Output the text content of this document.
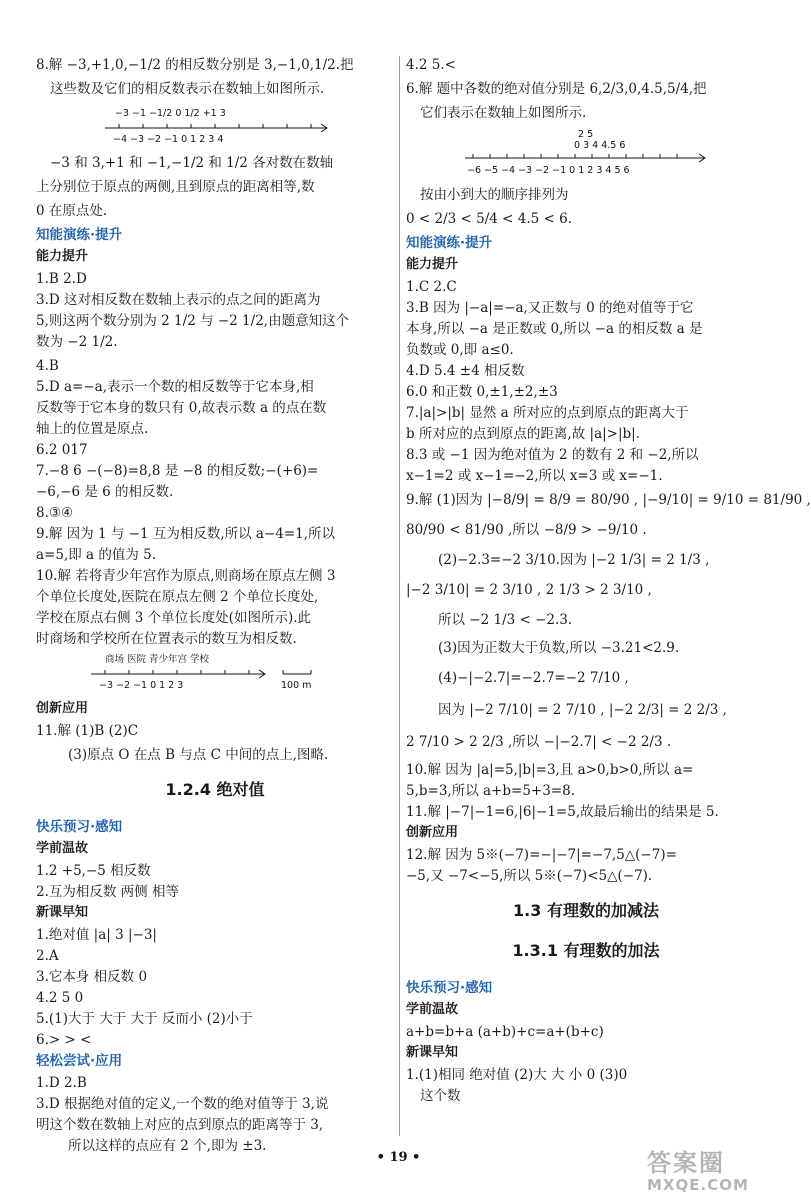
8.解 −3,+1,0,−1/2 的相反数分别是 3,−1,0,1/2.把
这些数及它们的相反数表示在数轴上如图所示.
−3 −1 −1/2 0 1/2 +1 3
−4 −3 −2 −1 0 1 2 3 4
−3 和 3,+1 和 −1,−1/2 和 1/2 各对数在数轴
上分别位于原点的两侧,且到原点的距离相等,数
0 在原点处.
知能演练·提升
能力提升
1.B 2.D
3.D 这对相反数在数轴上表示的点之间的距离为
5,则这两个数分别为 2 1/2 与 −2 1/2,由题意知这个
数为 −2 1/2.
4.B
5.D a=−a,表示一个数的相反数等于它本身,相
反数等于它本身的数只有 0,故表示数 a 的点在数
轴上的位置是原点.
6.2 017
7.−8 6 −(−8)=8,8 是 −8 的相反数;−(+6)=
−6,−6 是 6 的相反数.
8.③④
9.解 因为 1 与 −1 互为相反数,所以 a−4=1,所以
a=5,即 a 的值为 5.
10.解 若将青少年宫作为原点,则商场在原点左侧 3
个单位长度处,医院在原点左侧 2 个单位长度处,
学校在原点右侧 3 个单位长度处(如图所示).此
时商场和学校所在位置表示的数互为相反数.
商场 医院 青少年宫 学校
−3 −2 −1 0 1 2 3	100 m
创新应用
11.解 (1)B (2)C
(3)原点 O 在点 B 与点 C 中间的点上,图略.
1.2.4 绝对值
快乐预习·感知
学前温故
1.2 +5,−5 相反数
2.互为相反数 两侧 相等
新课早知
1.绝对值 |a| 3 |−3|
2.A
3.它本身 相反数 0
4.2 5 0
5.(1)大于 大于 大于 反而小 (2)小于
6.> > <
轻松尝试·应用
1.D 2.B
3.D 根据绝对值的定义,一个数的绝对值等于 3,说
明这个数在数轴上对应的点到原点的距离等于 3,
所以这样的点应有 2 个,即为 ±3.
4.2 5.<
6.解 题中各数的绝对值分别是 6,2/3,0,4.5,5/4,把
它们表示在数轴上如图所示.
2 5
0 3 4 4.5 6
−6 −5 −4 −3 −2 −1 0 1 2 3 4 5 6
按由小到大的顺序排列为
0 < 2/3 < 5/4 < 4.5 < 6.
知能演练·提升
能力提升
1.C 2.C
3.B 因为 |−a|=−a,又正数与 0 的绝对值等于它
本身,所以 −a 是正数或 0,所以 −a 的相反数 a 是
负数或 0,即 a≤0.
4.D 5.4 ±4 相反数
6.0 和正数 0,±1,±2,±3
7.|a|>|b| 显然 a 所对应的点到原点的距离大于
b 所对应的点到原点的距离,故 |a|>|b|.
8.3 或 −1 因为绝对值为 2 的数有 2 和 −2,所以
x−1=2 或 x−1=−2,所以 x=3 或 x=−1.
9.解 (1)因为 |−8/9| = 8/9 = 80/90 , |−9/10| = 9/10 = 81/90 ,
80/90 < 81/90 ,所以 −8/9 > −9/10 .
(2)−2.3=−2 3/10.因为 |−2 1/3| = 2 1/3 ,
|−2 3/10| = 2 3/10 , 2 1/3 > 2 3/10 ,
所以 −2 1/3 < −2.3.
(3)因为正数大于负数,所以 −3.21<2.9.
(4)−|−2.7|=−2.7=−2 7/10 ,
因为 |−2 7/10| = 2 7/10 , |−2 2/3| = 2 2/3 ,
2 7/10 > 2 2/3 ,所以 −|−2.7| < −2 2/3 .
10.解 因为 |a|=5,|b|=3,且 a>0,b>0,所以 a=
5,b=3,所以 a+b=5+3=8.
11.解 |−7|−1=6,|6|−1=5,故最后输出的结果是 5.
创新应用
12.解 因为 5※(−7)=−|−7|=−7,5△(−7)=
−5,又 −7<−5,所以 5※(−7)<5△(−7).
1.3 有理数的加减法
1.3.1 有理数的加法
快乐预习·感知
学前温故
a+b=b+a (a+b)+c=a+(b+c)
新课早知
1.(1)相同 绝对值 (2)大 大 小 0 (3)0
这个数
• 19 •	答案圈
MXQE.COM
